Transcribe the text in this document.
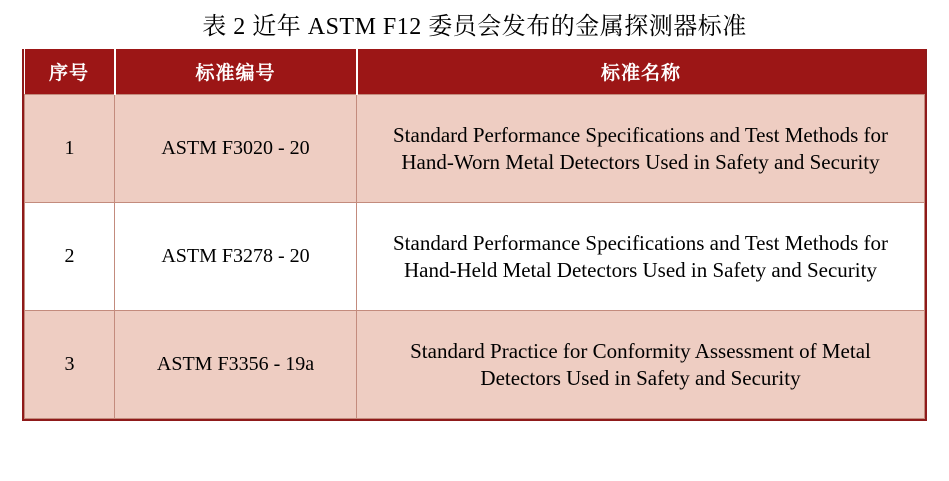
表 2 近年 ASTM F12 委员会发布的金属探测器标准
序号	标准编号	标准名称
1	ASTM F3020 - 20	Standard Performance Specifications and Test Methods for Hand-Worn Metal Detectors Used in Safety and Security
2	ASTM F3278 - 20	Standard Performance Specifications and Test Methods for Hand-Held Metal Detectors Used in Safety and Security
3	ASTM F3356 - 19a	Standard Practice for Conformity Assessment of Metal Detectors Used in Safety and Security
